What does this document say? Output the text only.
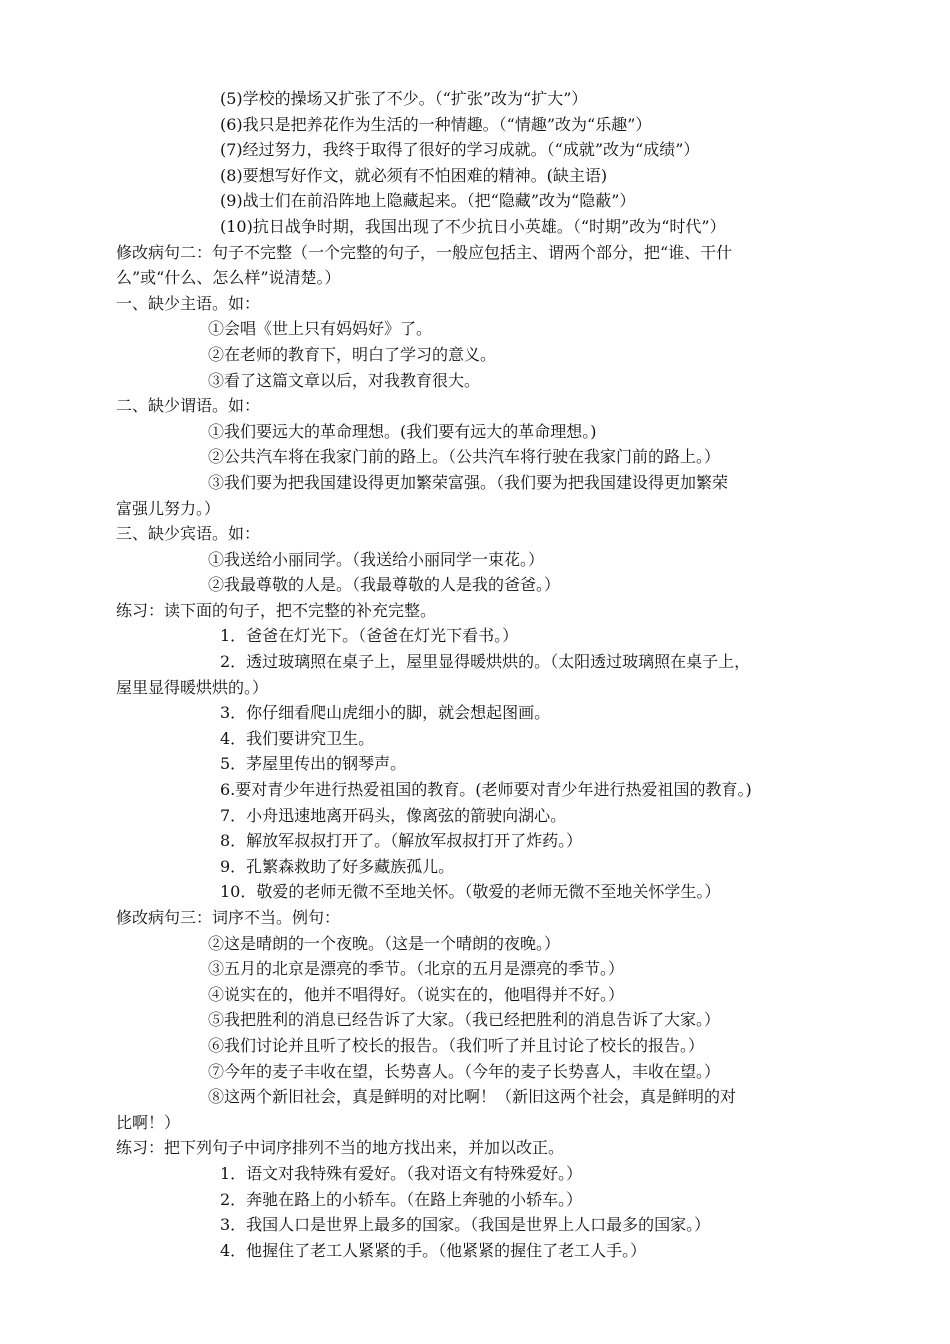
(5)学校的操场又扩张了不少。（“扩张”改为“扩大”）
(6)我只是把养花作为生活的一种情趣。（“情趣”改为“乐趣”）
(7)经过努力，我终于取得了很好的学习成就。（“成就”改为“成绩”）
(8)要想写好作文，就必须有不怕困难的精神。(缺主语)
(9)战士们在前沿阵地上隐藏起来。（把“隐藏”改为“隐蔽”）
(10)抗日战争时期，我国出现了不少抗日小英雄。（“时期”改为“时代”）
修改病句二：句子不完整（一个完整的句子，一般应包括主、谓两个部分，把“谁、干什
么”或“什么、怎么样”说清楚。）
一、缺少主语。如：
①会唱《世上只有妈妈好》了。
②在老师的教育下，明白了学习的意义。
③看了这篇文章以后，对我教育很大。
二、缺少谓语。如：
①我们要远大的革命理想。(我们要有远大的革命理想。)
②公共汽车将在我家门前的路上。（公共汽车将行驶在我家门前的路上。）
③我们要为把我国建设得更加繁荣富强。（我们要为把我国建设得更加繁荣
富强儿努力。）
三、缺少宾语。如：
①我送给小丽同学。（我送给小丽同学一束花。）
②我最尊敬的人是。（我最尊敬的人是我的爸爸。）
练习：读下面的句子，把不完整的补充完整。
1．爸爸在灯光下。（爸爸在灯光下看书。）
2．透过玻璃照在桌子上，屋里显得暖烘烘的。（太阳透过玻璃照在桌子上，
屋里显得暖烘烘的。）
3．你仔细看爬山虎细小的脚，就会想起图画。
4．我们要讲究卫生。
5．茅屋里传出的钢琴声。
6.要对青少年进行热爱祖国的教育。(老师要对青少年进行热爱祖国的教育。)
7．小舟迅速地离开码头，像离弦的箭驶向湖心。
8．解放军叔叔打开了。（解放军叔叔打开了炸药。）
9．孔繁森救助了好多藏族孤儿。
10．敬爱的老师无微不至地关怀。（敬爱的老师无微不至地关怀学生。）
修改病句三：词序不当。例句：
②这是晴朗的一个夜晚。（这是一个晴朗的夜晚。）
③五月的北京是漂亮的季节。（北京的五月是漂亮的季节。）
④说实在的，他并不唱得好。（说实在的，他唱得并不好。）
⑤我把胜利的消息已经告诉了大家。（我已经把胜利的消息告诉了大家。）
⑥我们讨论并且听了校长的报告。（我们听了并且讨论了校长的报告。）
⑦今年的麦子丰收在望，长势喜人。（今年的麦子长势喜人，丰收在望。）
⑧这两个新旧社会，真是鲜明的对比啊！（新旧这两个社会，真是鲜明的对
比啊！）
练习：把下列句子中词序排列不当的地方找出来，并加以改正。
1．语文对我特殊有爱好。（我对语文有特殊爱好。）
2．奔驰在路上的小轿车。（在路上奔驰的小轿车。）
3．我国人口是世界上最多的国家。（我国是世界上人口最多的国家。）
4．他握住了老工人紧紧的手。（他紧紧的握住了老工人手。）
